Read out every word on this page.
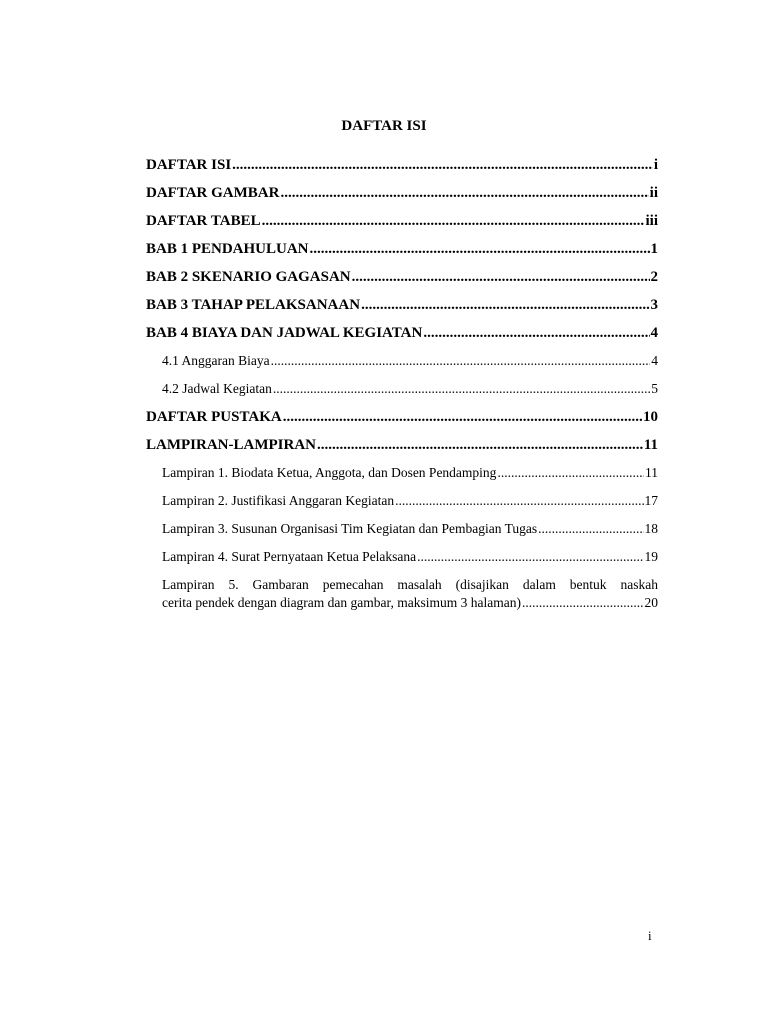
DAFTAR ISI
DAFTAR ISI .....	i
DAFTAR GAMBAR .....	ii
DAFTAR TABEL .....	iii
BAB 1 PENDAHULUAN .....	1
BAB 2 SKENARIO GAGASAN .....	2
BAB 3 TAHAP PELAKSANAAN .....	3
BAB 4 BIAYA DAN JADWAL KEGIATAN .....	4
4.1 Anggaran Biaya .....	4
4.2 Jadwal Kegiatan .....	5
DAFTAR PUSTAKA .....	10
LAMPIRAN-LAMPIRAN .....	11
Lampiran 1. Biodata Ketua, Anggota, dan Dosen Pendamping .....	11
Lampiran 2. Justifikasi Anggaran Kegiatan .....	17
Lampiran 3. Susunan Organisasi Tim Kegiatan dan Pembagian Tugas .....	18
Lampiran 4. Surat Pernyataan Ketua Pelaksana .....	19
Lampiran 5. Gambaran pemecahan masalah (disajikan dalam bentuk naskah
cerita pendek dengan diagram dan gambar, maksimum 3 halaman) .....	20
i
